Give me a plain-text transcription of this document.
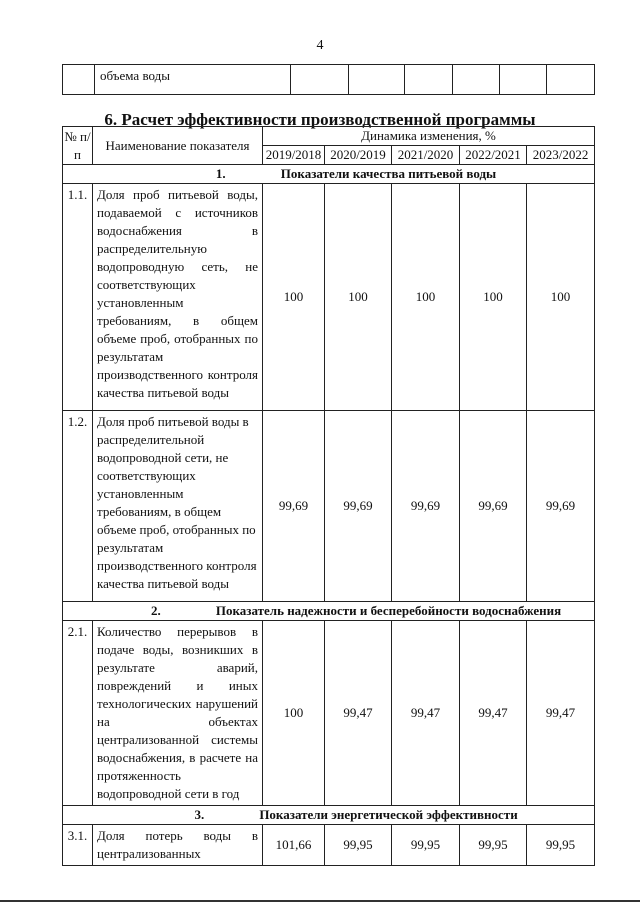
4
	объема воды						
6. Расчет эффективности производственной программы
№ п/п	Наименование показателя	Динамика изменения, %				
		2019/2018	2020/2019	2021/2020	2022/2021	2023/2022
1. Показатели качества питьевой воды						
1.1.	Доля проб питьевой воды, подаваемой с источников водоснабжения в распределительную водопроводную сеть, не соответствующих установленным требованиям, в общем объеме проб, отобранных по результатам производственного контроля качества питьевой воды	100	100	100	100	100
1.2.	Доля проб питьевой воды в распределительной водопроводной сети, не соответствующих установленным требованиям, в общем объеме проб, отобранных по результатам производственного контроля качества питьевой воды	99,69	99,69	99,69	99,69	99,69
2. Показатель надежности и бесперебойности водоснабжения						
2.1.	Количество перерывов в подаче воды, возникших в результате аварий, повреждений и иных технологических нарушений на объектах централизованной системы водоснабжения, в расчете на протяженность водопроводной сети в год	100	99,47	99,47	99,47	99,47
3. Показатели энергетической эффективности						
3.1.	Доля потерь воды в централизованных	101,66	99,95	99,95	99,95	99,95
